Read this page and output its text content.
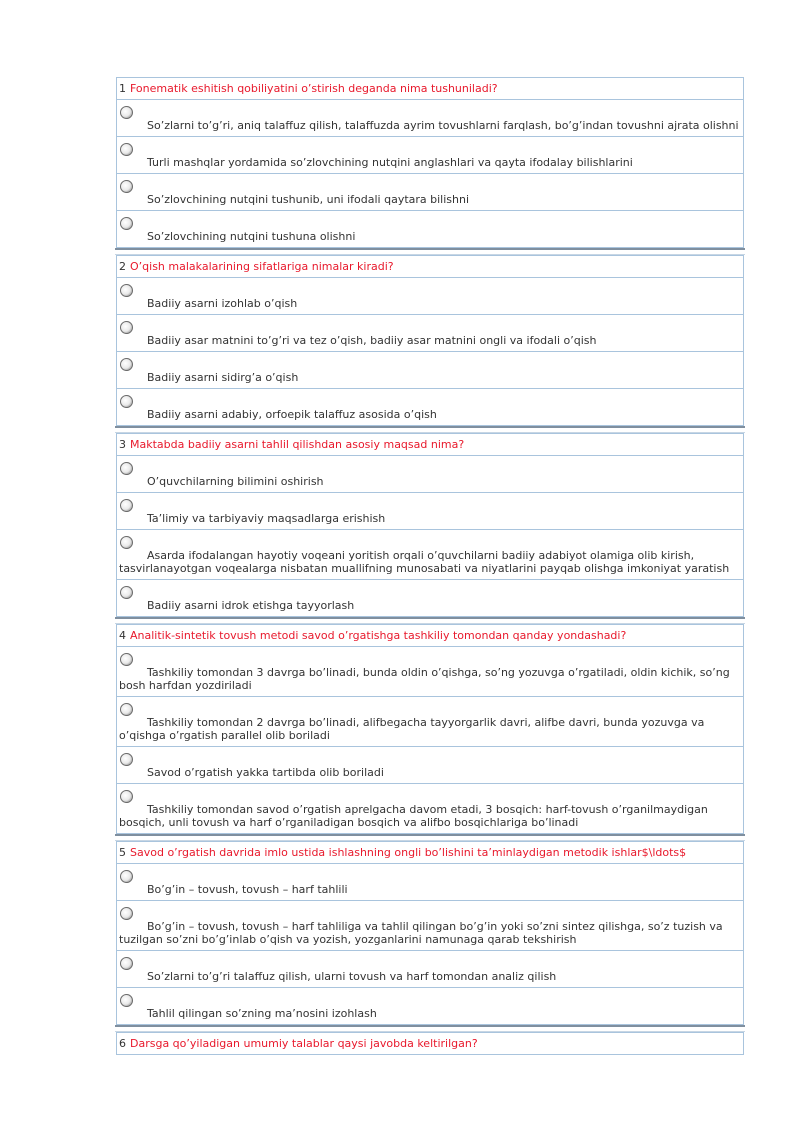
1 Fonematik eshitish qobiliyatini o’stirish deganda nima tushuniladi?
So’zlarni to’g’ri, aniq talaffuz qilish, talaffuzda ayrim tovushlarni farqlash, bo’g’indan tovushni ajrata olishni
Turli mashqlar yordamida so’zlovchining nutqini anglashlari va qayta ifodalay bilishlarini
So’zlovchining nutqini tushunib, uni ifodali qaytara bilishni
So’zlovchining nutqini tushuna olishni
2 O’qish malakalarining sifatlariga nimalar kiradi?
Badiiy asarni izohlab o’qish
Badiiy asar matnini to’g’ri va tez o’qish, badiiy asar matnini ongli va ifodali o’qish
Badiiy asarni sidirg’a o’qish
Badiiy asarni adabiy, orfoepik talaffuz asosida o’qish
3 Maktabda badiiy asarni tahlil qilishdan asosiy maqsad nima?
O’quvchilarning bilimini oshirish
Ta’limiy va tarbiyaviy maqsadlarga erishish
Asarda ifodalangan hayotiy voqeani yoritish orqali o’quvchilarni badiiy adabiyot olamiga olib kirish, tasvirlanayotgan voqealarga nisbatan muallifning munosabati va niyatlarini payqab olishga imkoniyat yaratish
Badiiy asarni idrok etishga tayyorlash
4 Analitik-sintetik tovush metodi savod o’rgatishga tashkiliy tomondan qanday yondashadi?
Tashkiliy tomondan 3 davrga bo’linadi, bunda oldin o’qishga, so’ng yozuvga o’rgatiladi, oldin kichik, so’ng bosh harfdan yozdiriladi
Tashkiliy tomondan 2 davrga bo’linadi, alifbegacha tayyorgarlik davri, alifbe davri, bunda yozuvga va o’qishga o’rgatish parallel olib boriladi
Savod o’rgatish yakka tartibda olib boriladi
Tashkiliy tomondan savod o’rgatish aprelgacha davom etadi, 3 bosqich: harf-tovush o’rganilmaydigan bosqich, unli tovush va harf o’rganiladigan bosqich va alifbo bosqichlariga bo’linadi
5 Savod o’rgatish davrida imlo ustida ishlashning ongli bo’lishini ta’minlaydigan metodik ishlar$\ldots$
Bo’g’in – tovush, tovush – harf tahlili
Bo’g’in – tovush, tovush – harf tahliliga va tahlil qilingan bo’g’in yoki so’zni sintez qilishga, so’z tuzish va tuzilgan so’zni bo’g’inlab o’qish va yozish, yozganlarini namunaga qarab tekshirish
So’zlarni to’g’ri talaffuz qilish, ularni tovush va harf tomondan analiz qilish
Tahlil qilingan so’zning ma’nosini izohlash
6 Darsga qo’yiladigan umumiy talablar qaysi javobda keltirilgan?
